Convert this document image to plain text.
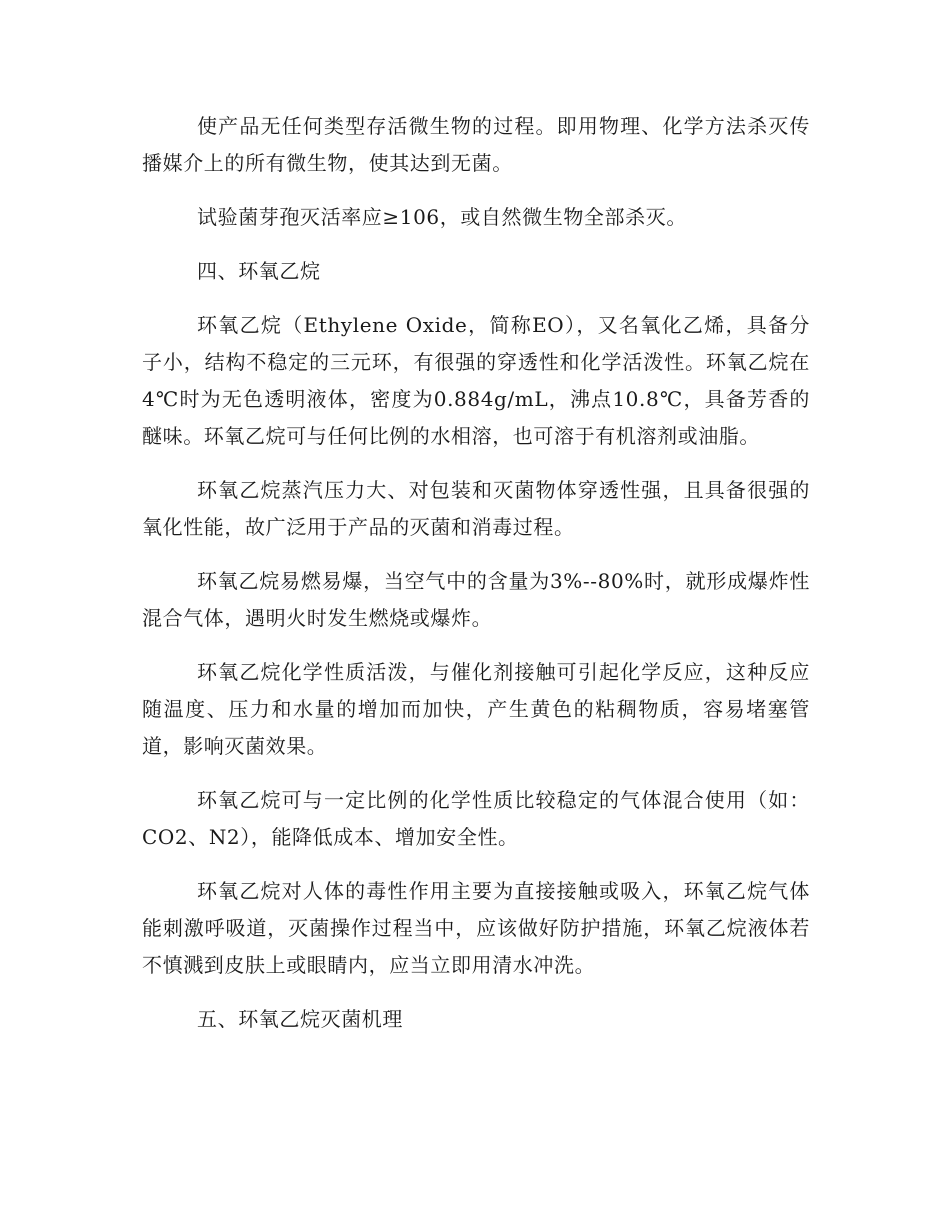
使产品无任何类型存活微生物的过程。即用物理、化学方法杀灭传播媒介上的所有微生物，使其达到无菌。

试验菌芽孢灭活率应≥106，或自然微生物全部杀灭。

四、环氧乙烷

环氧乙烷（Ethylene Oxide，简称EO），又名氧化乙烯，具备分子小，结构不稳定的三元环，有很强的穿透性和化学活泼性。环氧乙烷在4℃时为无色透明液体，密度为0.884g/mL，沸点10.8℃，具备芳香的醚味。环氧乙烷可与任何比例的水相溶，也可溶于有机溶剂或油脂。

环氧乙烷蒸汽压力大、对包装和灭菌物体穿透性强，且具备很强的氧化性能，故广泛用于产品的灭菌和消毒过程。

环氧乙烷易燃易爆，当空气中的含量为3%--80%时，就形成爆炸性混合气体，遇明火时发生燃烧或爆炸。

环氧乙烷化学性质活泼，与催化剂接触可引起化学反应，这种反应随温度、压力和水量的增加而加快，产生黄色的粘稠物质，容易堵塞管道，影响灭菌效果。

环氧乙烷可与一定比例的化学性质比较稳定的气体混合使用（如：CO2、N2），能降低成本、增加安全性。

环氧乙烷对人体的毒性作用主要为直接接触或吸入，环氧乙烷气体能刺激呼吸道，灭菌操作过程当中，应该做好防护措施，环氧乙烷液体若不慎溅到皮肤上或眼睛内，应当立即用清水冲洗。

五、环氧乙烷灭菌机理
